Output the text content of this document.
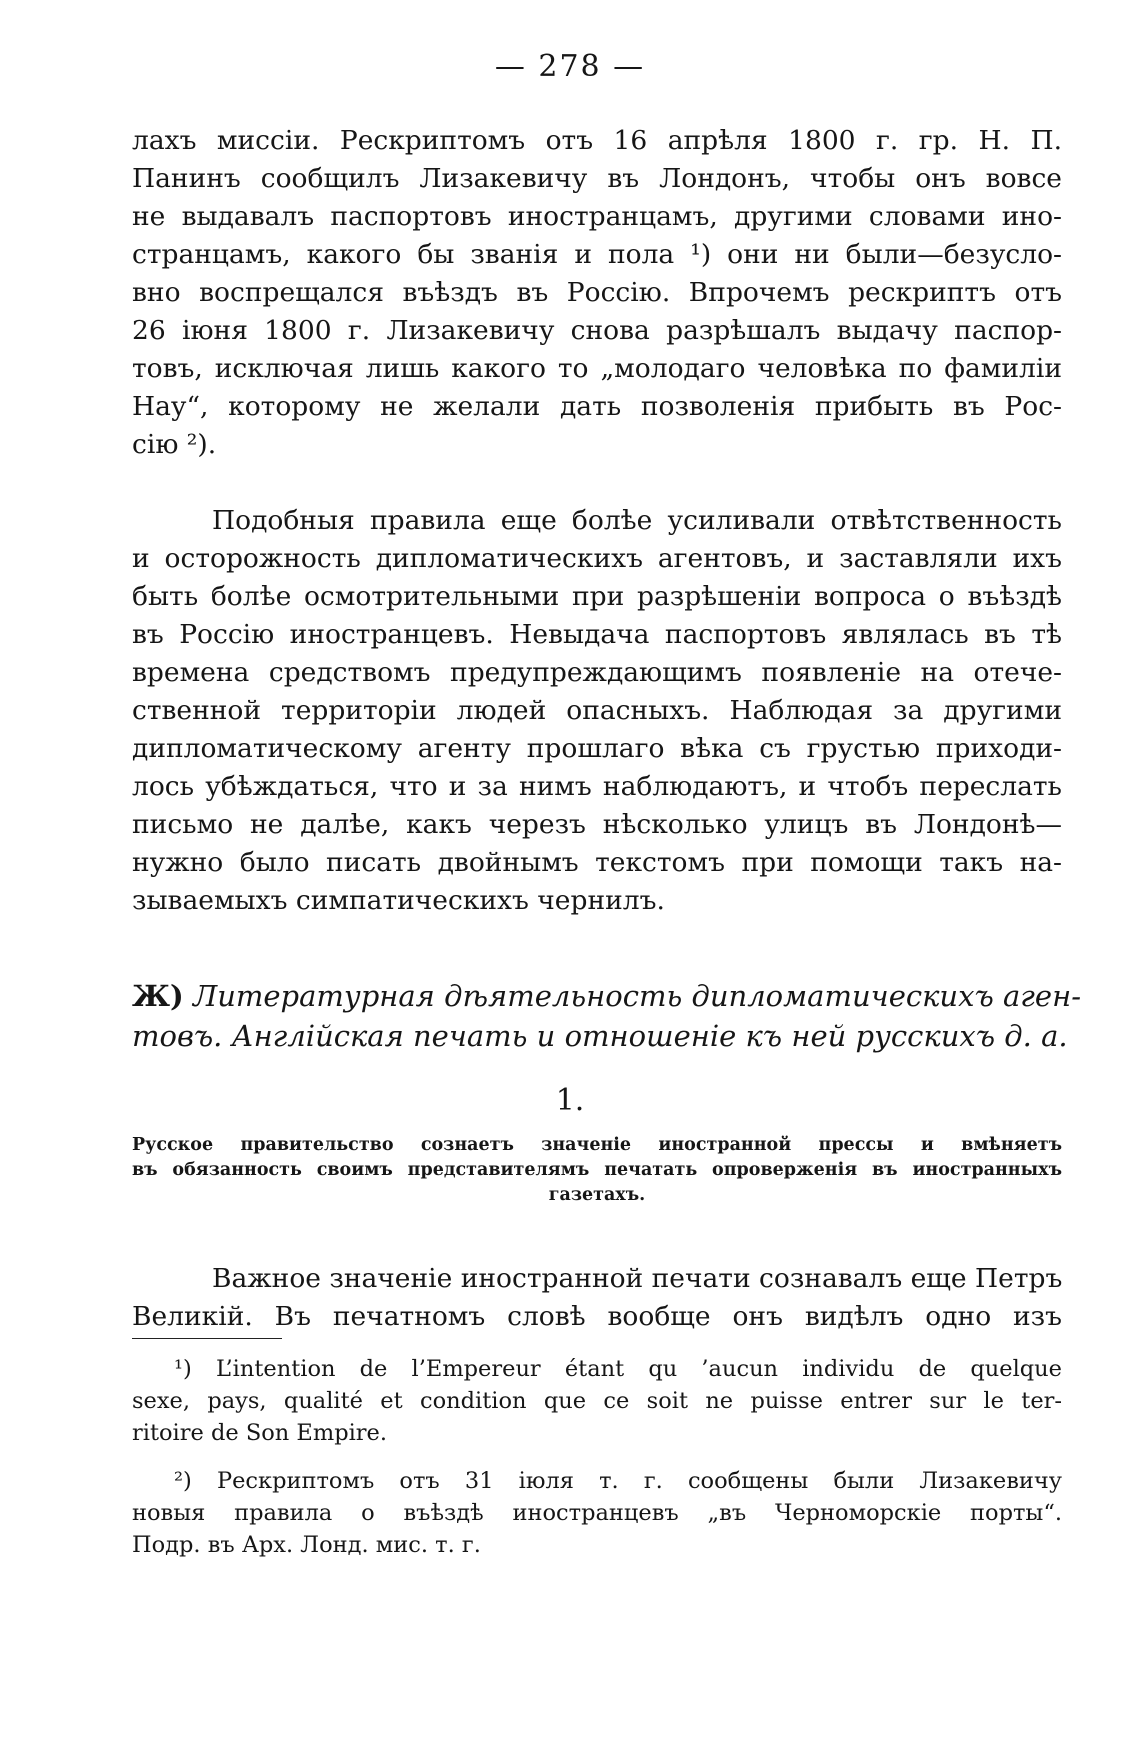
— 278 —
лахъ миссіи. Рескриптомъ отъ 16 апрѣля 1800 г. гр. Н. П.
Панинъ сообщилъ Лизакевичу въ Лондонъ, чтобы онъ вовсе
не выдавалъ паспортовъ иностранцамъ, другими словами ино-
странцамъ, какого бы званія и пола ¹) они ни были—безусло-
вно воспрещался въѣздъ въ Россію. Впрочемъ рескриптъ отъ
26 іюня 1800 г. Лизакевичу снова разрѣшалъ выдачу паспор-
товъ, исключая лишь какого то „молодаго человѣка по фамиліи
Нау“, которому не желали дать позволенія прибыть въ Рос-
сію ²).
Подобныя правила еще болѣе усиливали отвѣтственность
и осторожность дипломатическихъ агентовъ, и заставляли ихъ
быть болѣе осмотрительными при разрѣшеніи вопроса о въѣздѣ
въ Россію иностранцевъ. Невыдача паспортовъ являлась въ тѣ
времена средствомъ предупреждающимъ появленіе на отече-
ственной территоріи людей опасныхъ. Наблюдая за другими
дипломатическому агенту прошлаго вѣка съ грустью приходи-
лось убѣждаться, что и за нимъ наблюдаютъ, и чтобъ переслать
письмо не далѣе, какъ черезъ нѣсколько улицъ въ Лондонѣ—
нужно было писать двойнымъ текстомъ при помощи такъ на-
зываемыхъ симпатическихъ чернилъ.
Ж) Литературная дѣятельность дипломатическихъ аген-
товъ. Англійская печать и отношеніе къ ней русскихъ д. а.
1.
Русское правительство сознаетъ значеніе иностранной прессы и вмѣняетъ
въ обязанность своимъ представителямъ печатать опроверженія въ иностранныхъ
газетахъ.
Важное значеніе иностранной печати сознавалъ еще Петръ
Великій. Въ печатномъ словѣ вообще онъ видѣлъ одно изъ
¹) L’intention de l’Empereur étant qu ’aucun individu de quelque
sexe, pays, qualité et condition que ce soit ne puisse entrer sur le ter-
ritoire de Son Empire.
²) Рескриптомъ отъ 31 іюля т. г. сообщены были Лизакевичу
новыя правила о въѣздѣ иностранцевъ „въ Черноморскіе порты“.
Подр. въ Арх. Лонд. мис. т. г.
